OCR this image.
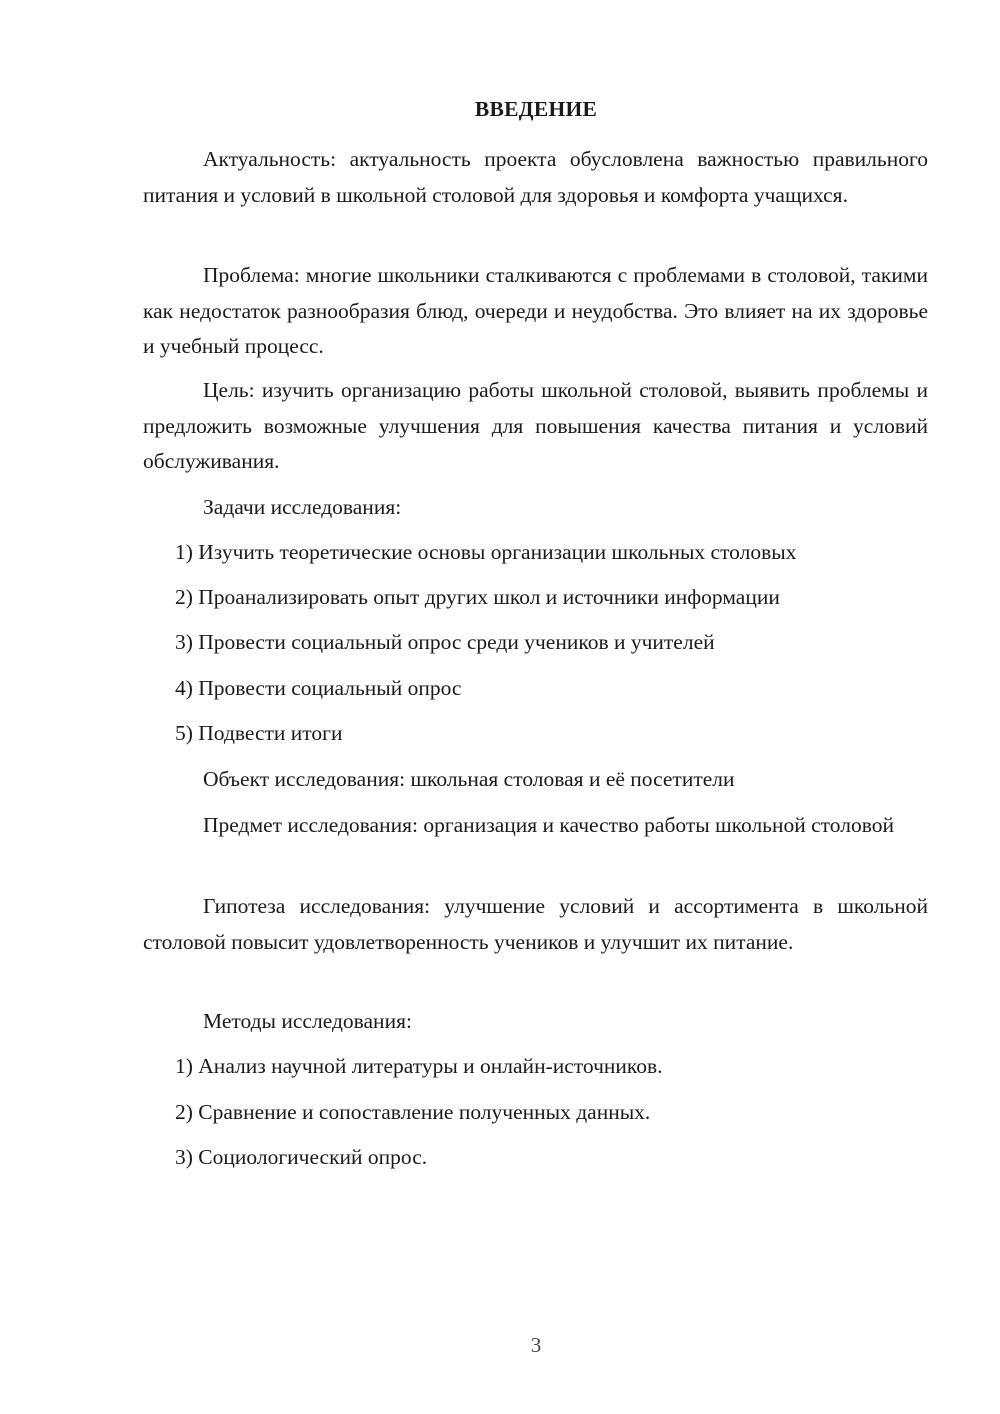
ВВЕДЕНИЕ

Актуальность: актуальность проекта обусловлена важностью правильного питания и условий в школьной столовой для здоровья и комфорта учащихся.

Проблема: многие школьники сталкиваются с проблемами в столовой, такими как недостаток разнообразия блюд, очереди и неудобства. Это влияет на их здоровье и учебный процесс.

Цель: изучить организацию работы школьной столовой, выявить проблемы и предложить возможные улучшения для повышения качества питания и условий обслуживания.

Задачи исследования:

1) Изучить теоретические основы организации школьных столовых

2) Проанализировать опыт других школ и источники информации

3) Провести социальный опрос среди учеников и учителей

4) Провести социальный опрос

5) Подвести итоги

Объект исследования: школьная столовая и её посетители

Предмет исследования: организация и качество работы школьной столовой

Гипотеза исследования: улучшение условий и ассортимента в школьной столовой повысит удовлетворенность учеников и улучшит их питание.

Методы исследования:

1) Анализ научной литературы и онлайн-источников.

2) Сравнение и сопоставление полученных данных.

3) Социологический опрос.

3
